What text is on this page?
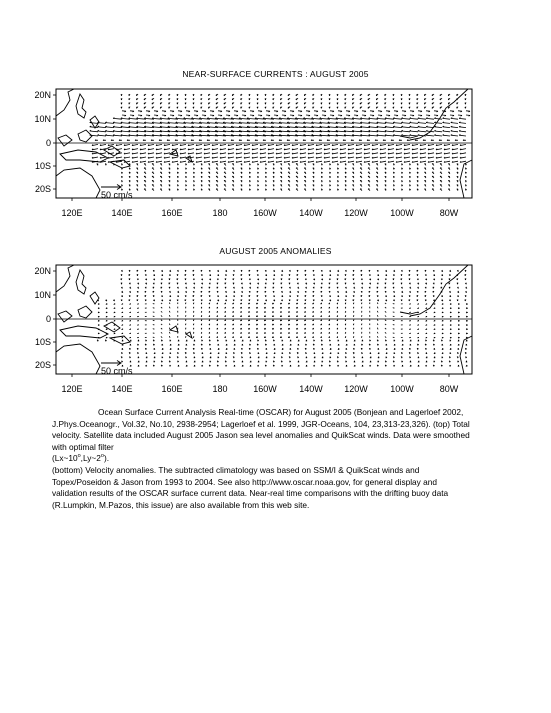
NEAR-SURFACE CURRENTS : AUGUST 2005
20N
10N
0
10S
20S
120E	140E	160E	180	160W 140W 120W 100W	80W
50 cm/s
AUGUST 2005 ANOMALIES
20N
10N
0
10S
20S
120E	140E	160E	180	160W 140W 120W 100W	80W
50 cm/s

Ocean Surface Current Analysis Real-time (OSCAR) for August 2005 (Bonjean and Lagerloef 2002, J.Phys.Oceanogr., Vol.32, No.10, 2938-2954; Lagerloef et al. 1999, JGR-Oceans, 104, 23,313-23,326). (top) Total velocity. Satellite data included August 2005 Jason sea level anomalies and QuikScat winds. Data were smoothed with optimal filter
(Lx~10$^o$,Ly~2$^o$).

(bottom) Velocity anomalies. The subtracted climatology was based on SSM/I & QuikScat winds and Topex/Poseidon & Jason from 1993 to 2004. See also http://www.oscar.noaa.gov, for general display and validation results of the OSCAR surface current data. Near-real time comparisons with the drifting buoy data (R.Lumpkin, M.Pazos, this issue) are also available from this web site.
